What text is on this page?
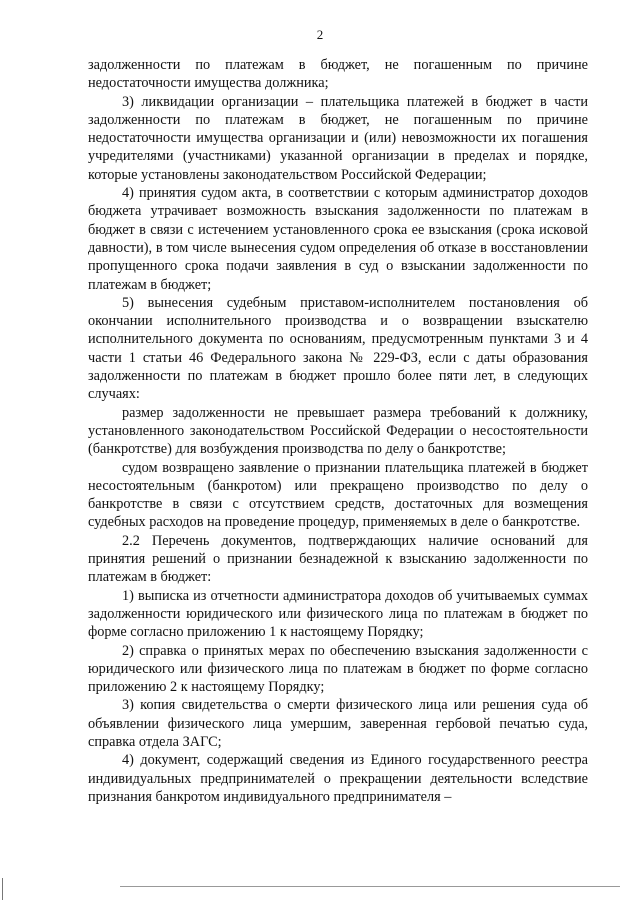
2

задолженности по платежам в бюджет, не погашенным по причине недостаточности имущества должника;

3) ликвидации организации – плательщика платежей в бюджет в части задолженности по платежам в бюджет, не погашенным по причине недостаточности имущества организации и (или) невозможности их погашения учредителями (участниками) указанной организации в пределах и порядке, которые установлены законодательством Российской Федерации;

4) принятия судом акта, в соответствии с которым администратор доходов бюджета утрачивает возможность взыскания задолженности по платежам в бюджет в связи с истечением установленного срока ее взыскания (срока исковой давности), в том числе вынесения судом определения об отказе в восстановлении пропущенного срока подачи заявления в суд о взыскании задолженности по платежам в бюджет;

5) вынесения судебным приставом-исполнителем постановления об окончании исполнительного производства и о возвращении взыскателю исполнительного документа по основаниям, предусмотренным пунктами 3 и 4 части 1 статьи 46 Федерального закона № 229-ФЗ, если с даты образования задолженности по платежам в бюджет прошло более пяти лет, в следующих случаях:

размер задолженности не превышает размера требований к должнику, установленного законодательством Российской Федерации о несостоятельности (банкротстве) для возбуждения производства по делу о банкротстве;

судом возвращено заявление о признании плательщика платежей в бюджет несостоятельным (банкротом) или прекращено производство по делу о банкротстве в связи с отсутствием средств, достаточных для возмещения судебных расходов на проведение процедур, применяемых в деле о банкротстве.

2.2 Перечень документов, подтверждающих наличие оснований для принятия решений о признании безнадежной к взысканию задолженности по платежам в бюджет:

1) выписка из отчетности администратора доходов об учитываемых суммах задолженности юридического или физического лица по платежам в бюджет по форме согласно приложению 1 к настоящему Порядку;

2) справка о принятых мерах по обеспечению взыскания задолженности с юридического или физического лица по платежам в бюджет по форме согласно приложению 2 к настоящему Порядку;

3) копия свидетельства о смерти физического лица или решения суда об объявлении физического лица умершим, заверенная гербовой печатью суда, справка отдела ЗАГС;

4) документ, содержащий сведения из Единого государственного реестра индивидуальных предпринимателей о прекращении деятельности вследствие признания банкротом индивидуального предпринимателя –
